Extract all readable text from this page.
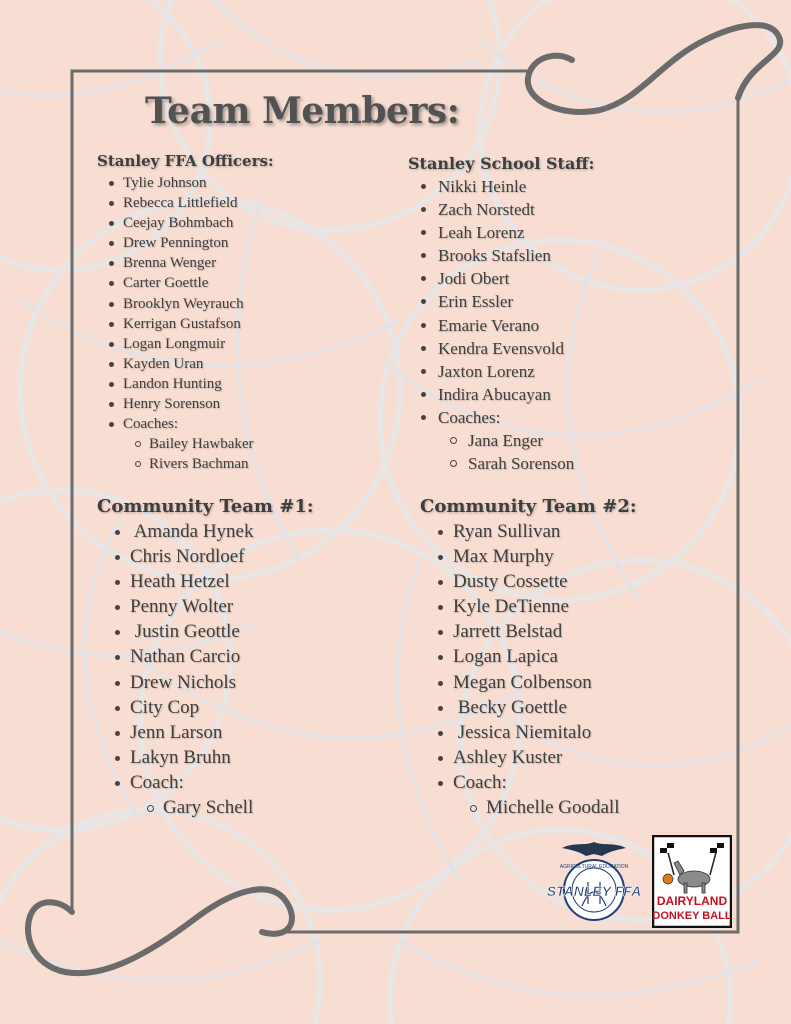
Team Members:
Stanley FFA Officers:
Tylie Johnson
Rebecca Littlefield
Ceejay Bohmbach
Drew Pennington
Brenna Wenger
Carter Goettle
Brooklyn Weyrauch
Kerrigan Gustafson
Logan Longmuir
Kayden Uran
Landon Hunting
Henry Sorenson
Coaches:
Bailey Hawbaker
Rivers Bachman
Stanley School Staff:
Nikki Heinle
Zach Norstedt
Leah Lorenz
Brooks Stafslien
Jodi Obert
Erin Essler
Emarie Verano
Kendra Evensvold
Jaxton Lorenz
Indira Abucayan
Coaches:
Jana Enger
Sarah Sorenson
Community Team #1:
Amanda Hynek
Chris Nordloef
Heath Hetzel
Penny Wolter
Justin Geottle
Nathan Carcio
Drew Nichols
City Cop
Jenn Larson
Lakyn Bruhn
Coach:
Gary Schell
Community Team #2:
Ryan Sullivan
Max Murphy
Dusty Cossette
Kyle DeTienne
Jarrett Belstad
Logan Lapica
Megan Colbenson
Becky Goettle
Jessica Niemitalo
Ashley Kuster
Coach:
Michelle Goodall
AGRICULTURAL EDUCATION
STANLEY FFA
DAIRYLAND
DONKEY BALL
